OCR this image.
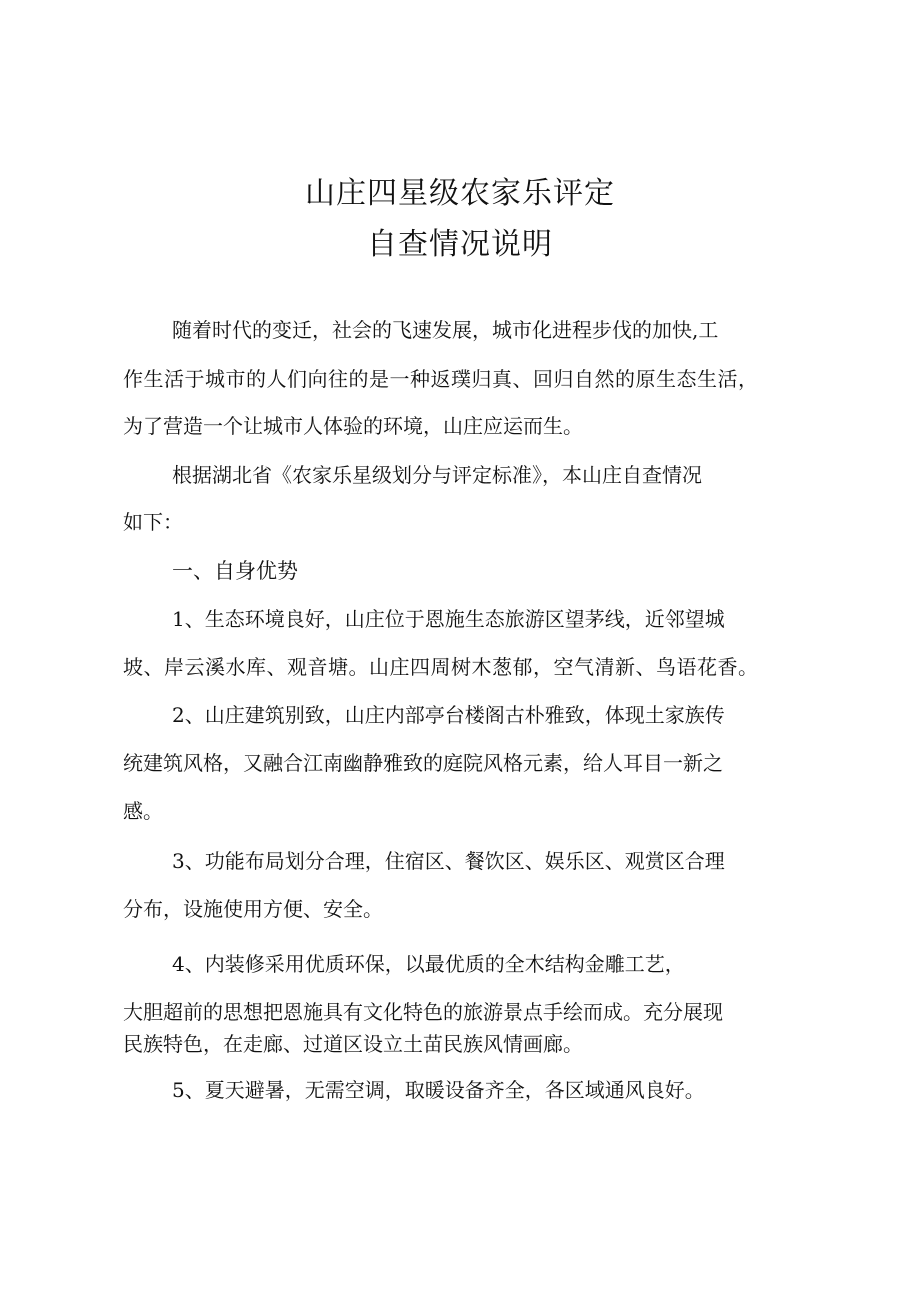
山庄四星级农家乐评定
自查情况说明
随着时代的变迁，社会的飞速发展，城市化进程步伐的加快,工
作生活于城市的人们向往的是一种返璞归真、回归自然的原生态生活，
为了营造一个让城市人体验的环境，山庄应运而生。
根据湖北省《农家乐星级划分与评定标准》，本山庄自查情况
如下：
一、自身优势
1、生态环境良好，山庄位于恩施生态旅游区望茅线，近邻望城
坡、岸云溪水库、观音塘。山庄四周树木葱郁，空气清新、鸟语花香。
2、山庄建筑别致，山庄内部亭台楼阁古朴雅致，体现土家族传
统建筑风格，又融合江南幽静雅致的庭院风格元素，给人耳目一新之
感。
3、功能布局划分合理，住宿区、餐饮区、娱乐区、观赏区合理
分布，设施使用方便、安全。
4、内装修采用优质环保，以最优质的全木结构金雕工艺，
大胆超前的思想把恩施具有文化特色的旅游景点手绘而成。充分展现
民族特色，在走廊、过道区设立土苗民族风情画廊。
5、夏天避暑，无需空调，取暖设备齐全，各区域通风良好。
